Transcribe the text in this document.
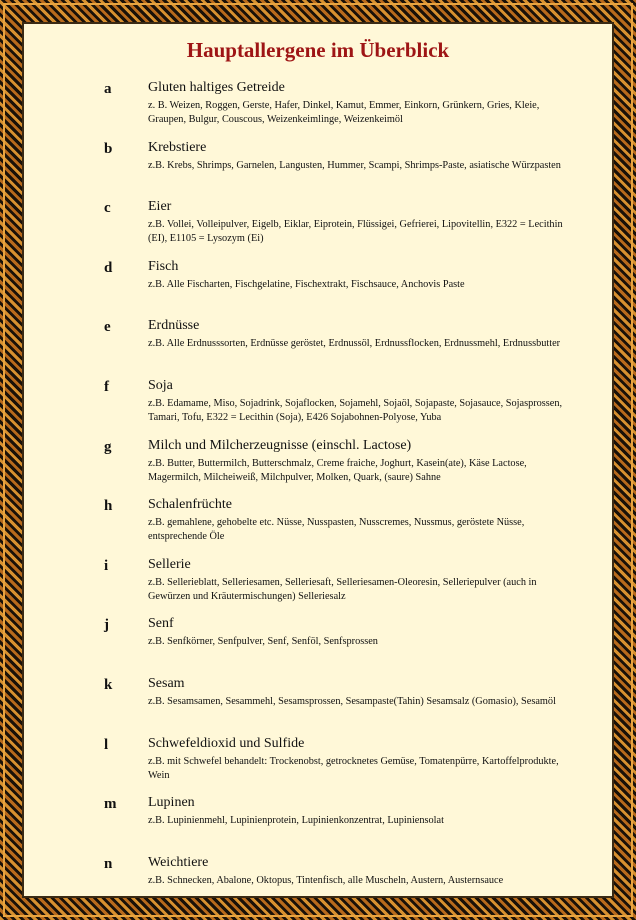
Hauptallergene im Überblick
a	Gluten haltiges Getreide
z. B. Weizen, Roggen, Gerste, Hafer, Dinkel, Kamut, Emmer, Einkorn, Grünkern, Gries, Kleie, Graupen, Bulgur, Couscous, Weizenkeimlinge, Weizenkeimöl
b	Krebstiere
z.B. Krebs, Shrimps, Garnelen, Langusten, Hummer, Scampi, Shrimps-Paste, asiatische Würzpasten
c	Eier
z.B. Vollei, Volleipulver, Eigelb, Eiklar, Eiprotein, Flüssigei, Gefrierei, Lipovitellin, E322 = Lecithin (EI), E1105 = Lysozym (Ei)
d	Fisch
z.B. Alle Fischarten, Fischgelatine, Fischextrakt, Fischsauce, Anchovis Paste
e	Erdnüsse
z.B. Alle Erdnusssorten, Erdnüsse geröstet, Erdnussöl, Erdnussflocken, Erdnussmehl, Erdnussbutter
f	Soja
z.B. Edamame, Miso, Sojadrink, Sojaflocken, Sojamehl, Sojaöl, Sojapaste, Sojasauce, Sojasprossen, Tamari, Tofu, E322 = Lecithin (Soja), E426 Sojabohnen-Polyose, Yuba
g	Milch und Milcherzeugnisse (einschl. Lactose)
z.B. Butter, Buttermilch, Butterschmalz, Creme fraiche, Joghurt, Kasein(ate), Käse Lactose, Magermilch, Milcheiweiß, Milchpulver, Molken, Quark, (saure) Sahne
h	Schalenfrüchte
z.B. gemahlene, gehobelte etc. Nüsse, Nusspasten, Nusscremes, Nussmus, geröstete Nüsse, entsprechende Öle
i	Sellerie
z.B. Sellerieblatt, Selleriesamen, Selleriesaft, Selleriesamen-Oleoresin, Selleriepulver (auch in Gewürzen und Kräutermischungen) Selleriesalz
j	Senf
z.B. Senfkörner, Senfpulver, Senf, Senföl, Senfsprossen
k	Sesam
z.B. Sesamsamen, Sesammehl, Sesamsprossen, Sesampaste(Tahin) Sesamsalz (Gomasio), Sesamöl
l	Schwefeldioxid und Sulfide
z.B. mit Schwefel behandelt: Trockenobst, getrocknetes Gemüse, Tomatenpürre, Kartoffelprodukte, Wein
m	Lupinen
z.B. Lupinienmehl, Lupinienprotein, Lupinienkonzentrat, Lupiniensolat
n	Weichtiere
z.B. Schnecken, Abalone, Oktopus, Tintenfisch, alle Muscheln, Austern, Austernsauce
